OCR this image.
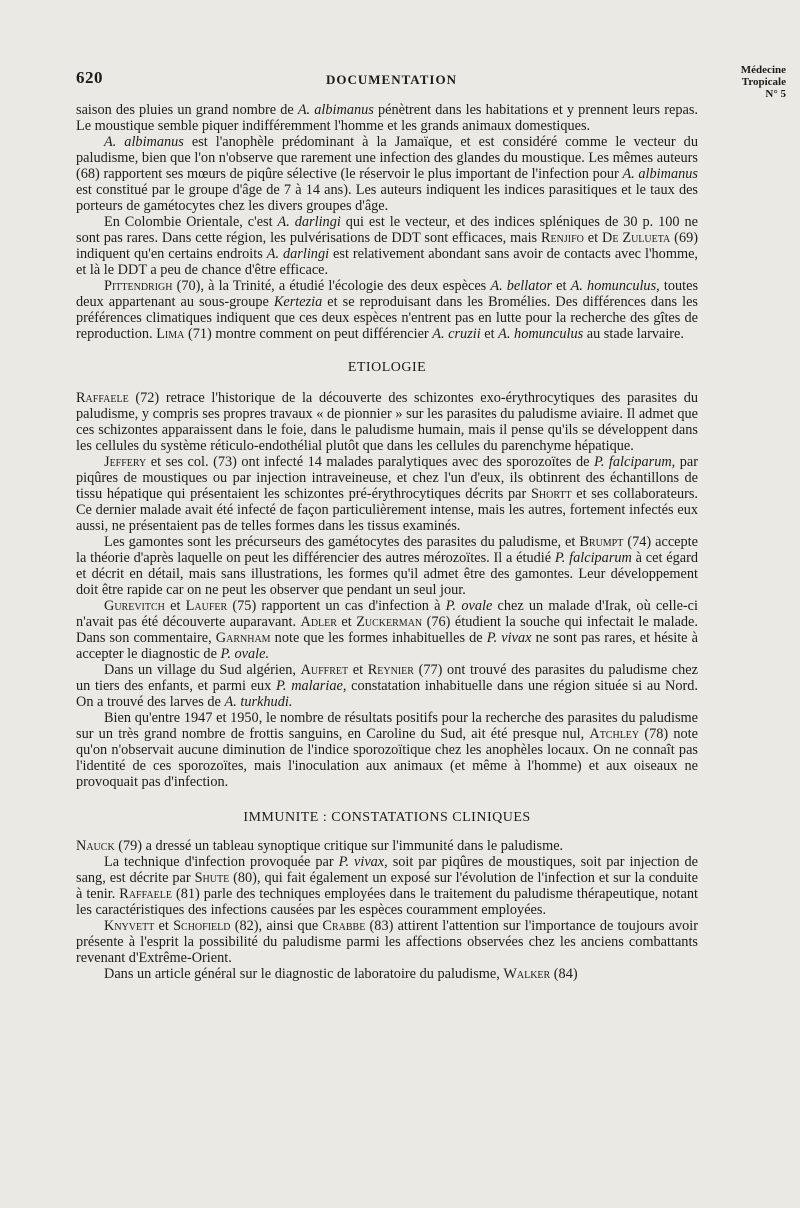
620	DOCUMENTATION
Médecine
Tropicale
N° 5

saison des pluies un grand nombre de A. albimanus pénètrent dans les habitations et y prennent leurs repas. Le moustique semble piquer indifféremment l'homme et les grands animaux domestiques.

A. albimanus est l'anophèle prédominant à la Jamaïque, et est considéré comme le vecteur du paludisme, bien que l'on n'observe que rarement une infection des glandes du moustique. Les mêmes auteurs (68) rapportent ses mœurs de piqûre sélective (le réservoir le plus important de l'infection pour A. albimanus est constitué par le groupe d'âge de 7 à 14 ans). Les auteurs indiquent les indices parasitiques et le taux des porteurs de gamétocytes chez les divers groupes d'âge.

En Colombie Orientale, c'est A. darlingi qui est le vecteur, et des indices spléniques de 30 p. 100 ne sont pas rares. Dans cette région, les pulvérisations de DDT sont efficaces, mais Renjifo et De Zulueta (69) indiquent qu'en certains endroits A. darlingi est relativement abondant sans avoir de contacts avec l'homme, et là le DDT a peu de chance d'être efficace.

Pittendrigh (70), à la Trinité, a étudié l'écologie des deux espèces A. bellator et A. homunculus, toutes deux appartenant au sous-groupe Kertezia et se reproduisant dans les Bromélies. Des différences dans les préférences climatiques indiquent que ces deux espèces n'entrent pas en lutte pour la recherche des gîtes de reproduction. Lima (71) montre comment on peut différencier A. cruzii et A. homunculus au stade larvaire.

ETIOLOGIE

Raffaele (72) retrace l'historique de la découverte des schizontes exo-érythrocytiques des parasites du paludisme, y compris ses propres travaux « de pionnier » sur les parasites du paludisme aviaire. Il admet que ces schizontes apparaissent dans le foie, dans le paludisme humain, mais il pense qu'ils se développent dans les cellules du système réticulo-endothélial plutôt que dans les cellules du parenchyme hépatique.

Jeffery et ses col. (73) ont infecté 14 malades paralytiques avec des sporozoïtes de P. falciparum, par piqûres de moustiques ou par injection intraveineuse, et chez l'un d'eux, ils obtinrent des échantillons de tissu hépatique qui présentaient les schizontes pré-érythrocytiques décrits par Shortt et ses collaborateurs. Ce dernier malade avait été infecté de façon particulièrement intense, mais les autres, fortement infectés eux aussi, ne présentaient pas de telles formes dans les tissus examinés.

Les gamontes sont les précurseurs des gamétocytes des parasites du paludisme, et Brumpt (74) accepte la théorie d'après laquelle on peut les différencier des autres mérozoïtes. Il a étudié P. falciparum à cet égard et décrit en détail, mais sans illustrations, les formes qu'il admet être des gamontes. Leur développement doit être rapide car on ne peut les observer que pendant un seul jour.

Gurevitch et Laufer (75) rapportent un cas d'infection à P. ovale chez un malade d'Irak, où celle-ci n'avait pas été découverte auparavant. Adler et Zuckerman (76) étudient la souche qui infectait le malade. Dans son commentaire, Garnham note que les formes inhabituelles de P. vivax ne sont pas rares, et hésite à accepter le diagnostic de P. ovale.

Dans un village du Sud algérien, Auffret et Reynier (77) ont trouvé des parasites du paludisme chez un tiers des enfants, et parmi eux P. malariae, constatation inhabituelle dans une région située si au Nord. On a trouvé des larves de A. turkhudi.

Bien qu'entre 1947 et 1950, le nombre de résultats positifs pour la recherche des parasites du paludisme sur un très grand nombre de frottis sanguins, en Caroline du Sud, ait été presque nul, Atchley (78) note qu'on n'observait aucune diminution de l'indice sporozoïtique chez les anophèles locaux. On ne connaît pas l'identité de ces sporozoïtes, mais l'inoculation aux animaux (et même à l'homme) et aux oiseaux ne provoquait pas d'infection.

IMMUNITE : CONSTATATIONS CLINIQUES

Nauck (79) a dressé un tableau synoptique critique sur l'immunité dans le paludisme.

La technique d'infection provoquée par P. vivax, soit par piqûres de moustiques, soit par injection de sang, est décrite par Shute (80), qui fait également un exposé sur l'évolution de l'infection et sur la conduite à tenir. Raffaele (81) parle des techniques employées dans le traitement du paludisme thérapeutique, notant les caractéristiques des infections causées par les espèces couramment employées.

Knyvett et Schofield (82), ainsi que Crabbe (83) attirent l'attention sur l'importance de toujours avoir présente à l'esprit la possibilité du paludisme parmi les affections observées chez les anciens combattants revenant d'Extrême-Orient.

Dans un article général sur le diagnostic de laboratoire du paludisme, Walker (84)
